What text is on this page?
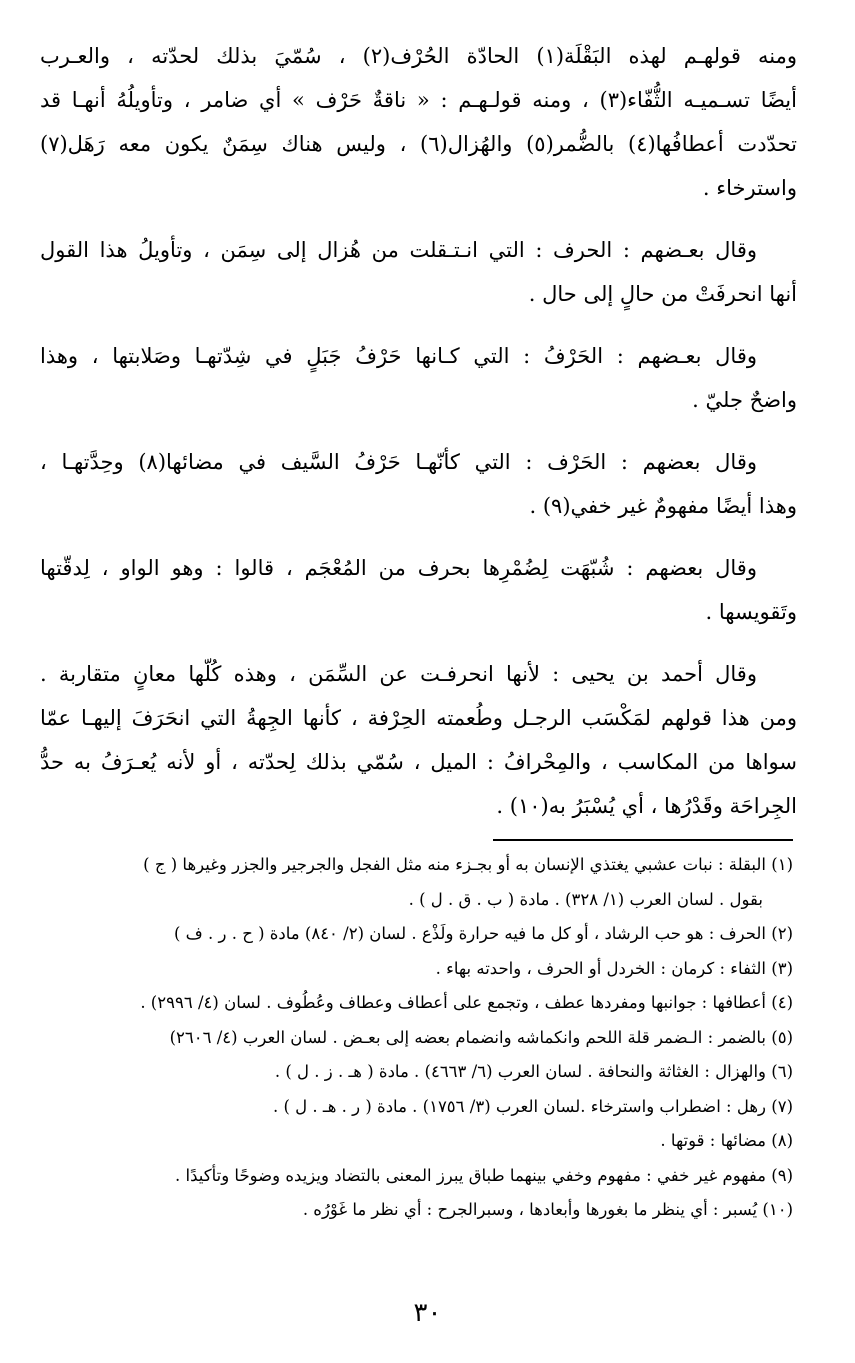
ومنه قولهـم لهذه البَقْلَة(١) الحادّة الحُرْف(٢) ، سُمّيَ بذلك لحدّته ، والعـرب
أيضًا تسـميـه الثُّفّاء(٣) ، ومنه قولـهـم : « ناقةٌ حَرْف » أي ضامر ، وتأويلُهُ أنهـا قد
تحدّدت أعطافُها(٤) بالضُّمر(٥) والهُزال(٦) ، وليس هناك سِمَنٌ يكون معه رَهَل(٧)
واسترخاء .
وقال بعـضهم : الحرف : التي انـتـقلت من هُزال إلى سِمَن ، وتأويلُ هذا القول
أنها انحرفَتْ من حالٍ إلى حال .
وقال بعـضهم : الحَرْفُ : التي كـانها حَرْفُ جَبَلٍ في شِدّتهـا وصَلابتها ، وهذا
واضحٌ جليّ .
وقال بعضهم : الحَرْف : التي كأنّهـا حَرْفُ السَّيف في مضائها(٨) وحِدَّتهـا ،
وهذا أيضًا مفهومٌ غير خفي(٩) .
وقال بعضهم : شُبّهَت لِضُمْرِها بحرف من المُعْجَم ، قالوا : وهو الواو ، لِدقّتها
وتَقويسها .
وقال أحمد بن يحيى : لأنها انحرفـت عن السِّمَن ، وهذه كُلّها معانٍ متقاربة .
ومن هذا قولهم لمَكْسَب الرجـل وطُعمته الحِرْفة ، كأنها الجِهةُ التي انحَرَفَ إليهـا عمّا
سواها من المكاسب ، والمِحْرافُ : الميل ، سُمّي بذلك لِحدّته ، أو لأنه يُعـرَفُ به حدُّ
الجِراحَة وقَدْرُها ، أي يُسْبَرُ به(١٠) .
(١) البقلة : نبات عشبي يغتذي الإنسان به أو بجـزء منه مثل الفجل والجرجير والجزر وغيرها ( ج )
بقول . لسان العرب (١/ ٣٢٨) . مادة ( ب . ق . ل ) .
(٢) الحرف : هو حب الرشاد ، أو كل ما فيه حرارة ولَذْع . لسان (٢/ ٨٤٠) مادة ( ح . ر . ف )
(٣) الثفاء : كرمان : الخردل أو الحرف ، واحدته بهاء .
(٤) أعطافها : جوانبها ومفردها عطف ، وتجمع على أعطاف وعطاف وعُطُوف . لسان (٤/ ٢٩٩٦) .
(٥) بالضمر : الـضمر قلة اللحم وانكماشه وانضمام بعضه إلى بعـض . لسان العرب (٤/ ٢٦٠٦)
(٦) والهزال : الغثاثة والنحافة . لسان العرب (٦/ ٤٦٦٣) . مادة ( هـ . ز . ل ) .
(٧) رهل : اضطراب واسترخاء .لسان العرب (٣/ ١٧٥٦) . مادة ( ر . هـ . ل ) .
(٨) مضائها : قوتها .
(٩) مفهوم غير خفي : مفهوم وخفي بينهما طباق يبرز المعنى بالتضاد ويزيده وضوحًا وتأكيدًا .
(١٠) يُسبر : أي ينظر ما بغورها وأبعادها ، وسبرالجرح : أي نظر ما غَوْرُه .
٣٠
